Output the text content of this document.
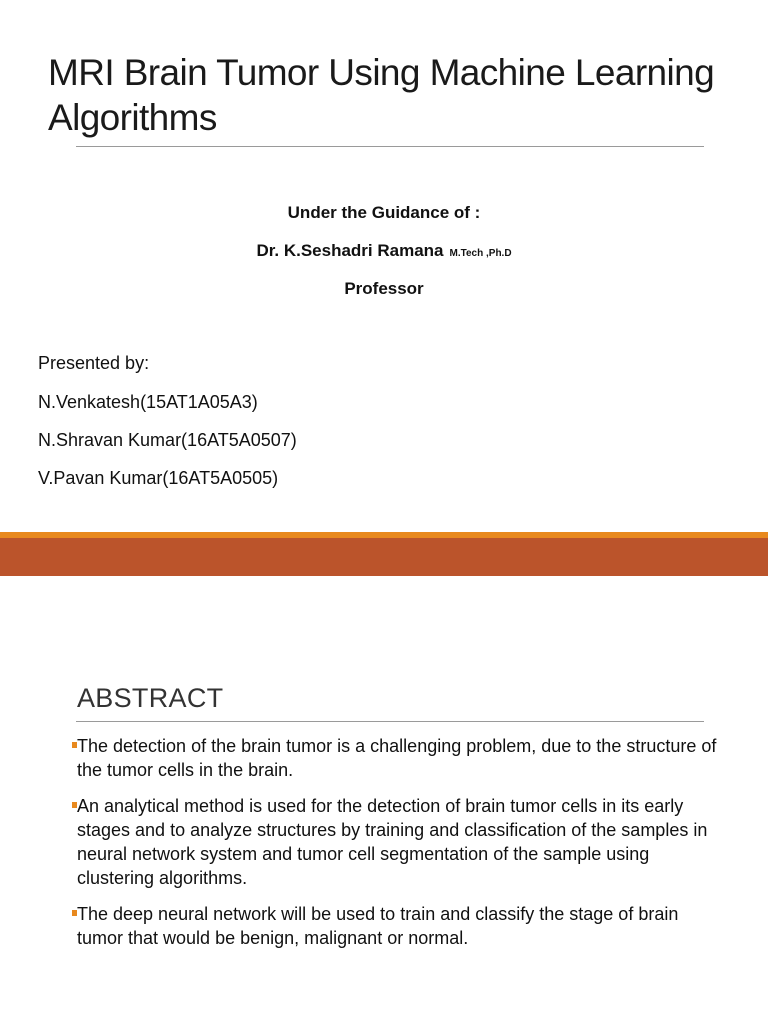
MRI Brain Tumor Using Machine Learning Algorithms
Under the Guidance of :
Dr. K.Seshadri Ramana M.Tech ,Ph.D
Professor
Presented by:
N.Venkatesh(15AT1A05A3)
N.Shravan Kumar(16AT5A0507)
V.Pavan Kumar(16AT5A0505)
ABSTRACT
The detection of the brain tumor is a challenging problem, due to the structure of the tumor cells in the brain.
An analytical method is used for the detection of brain tumor cells in its early stages and to analyze structures by training and classification of the samples in neural network system and tumor cell segmentation of the sample using clustering algorithms.
The deep neural network will be used to train and classify the stage of brain tumor that would be benign, malignant or normal.
